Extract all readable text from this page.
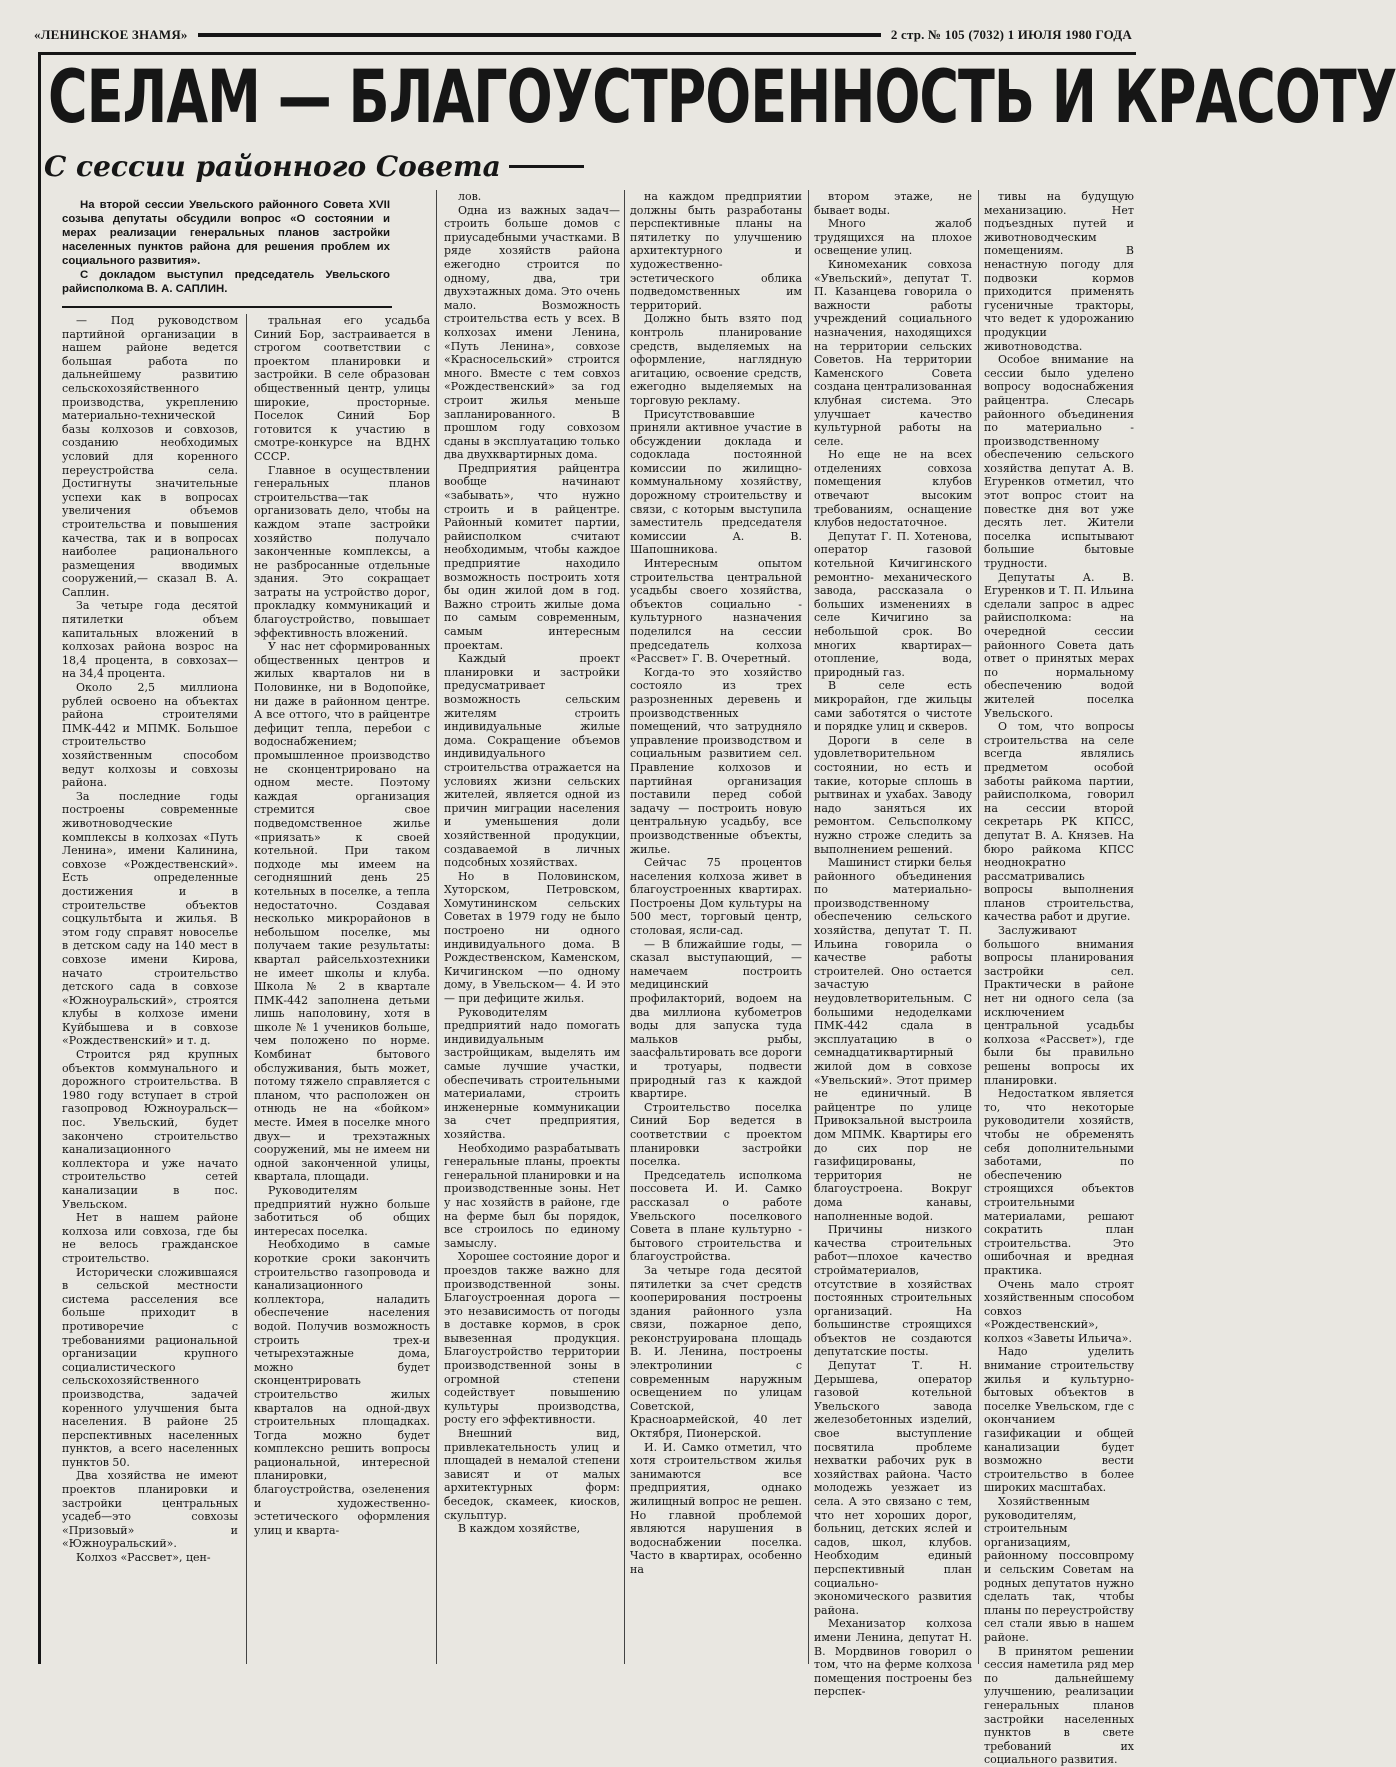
«ЛЕНИНСКОЕ ЗНАМЯ»	2 стр. № 105 (7032) 1 ИЮЛЯ 1980 ГОДА
СЕЛАМ — БЛАГОУСТРОЕННОСТЬ И КРАСОТУ
С сессии районного Совета

На второй сессии Увельского районного Совета XVII созыва депутаты обсудили вопрос «О состоянии и мерах реализации генеральных планов застройки населенных пунктов района для решения проблем их социального развития».

С докладом выступил председатель Увельского райисполкома В. А. САПЛИН.

— Под руководством партийной организации в нашем районе ведется большая работа по дальнейшему развитию сельскохозяйственного производства, укреплению материально-технической базы колхозов и совхозов, созданию необходимых условий для коренного переустройства села. Достигнуты значительные успехи как в вопросах увеличения объемов строительства и повышения качества, так и в вопросах наиболее рационального размещения вводимых сооружений,— сказал В. А. Саплин.

За четыре года десятой пятилетки объем капитальных вложений в колхозах района возрос на 18,4 процента, в совхозах— на 34,4 процента.

Около 2,5 миллиона рублей освоено на объектах района строителями ПМК-442 и МПМК. Большое строительство хозяйственным способом ведут колхозы и совхозы района.

За последние годы построены современные животноводческие комплексы в колхозах «Путь Ленина», имени Калинина, совхозе «Рождественский». Есть определенные достижения и в строительстве объектов соцкультбыта и жилья. В этом году справят новоселье в детском саду на 140 мест в совхозе имени Кирова, начато строительство детского сада в совхозе «Южноуральский», строятся клубы в колхозе имени Куйбышева и в совхозе «Рождественский» и т. д.

Строится ряд крупных объектов коммунального и дорожного строительства. В 1980 году вступает в строй газопровод Южноуральск— пос. Увельский, будет закончено строительство канализационного коллектора и уже начато строительство сетей канализации в пос. Увельском.

Нет в нашем районе колхоза или совхоза, где бы не велось гражданское строительство.

Исторически сложившаяся в сельской местности система расселения все больше приходит в противоречие с требованиями рациональной организации крупного социалистического сельскохозяйственного производства, задачей коренного улучшения быта населения. В районе 25 перспективных населенных пунктов, а всего населенных пунктов 50.

Два хозяйства не имеют проектов планировки и застройки центральных усадеб—это совхозы «Призовый» и «Южноуральский».

Колхоз «Рассвет», цен-

тральная его усадьба Синий Бор, застраивается в строгом соответствии с проектом планировки и застройки. В селе образован общественный центр, улицы широкие, просторные. Поселок Синий Бор готовится к участию в смотре-конкурсе на ВДНХ СССР.

Главное в осуществлении генеральных планов строительства—так организовать дело, чтобы на каждом этапе застройки хозяйство получало законченные комплексы, а не разбросанные отдельные здания. Это сокращает затраты на устройство дорог, прокладку коммуникаций и благоустройство, повышает эффективность вложений.

У нас нет сформированных общественных центров и жилых кварталов ни в Половинке, ни в Водопойке, ни даже в районном центре. А все оттого, что в райцентре дефицит тепла, перебои с водоснабжением; промышленное производство не сконцентрировано на одном месте. Поэтому каждая организация стремится свое подведомственное жилье «приязать» к своей котельной. При таком подходе мы имеем на сегодняшний день 25 котельных в поселке, а тепла недостаточно. Создавая несколько микрорайонов в небольшом поселке, мы получаем такие результаты: квартал райсельхозтехники не имеет школы и клуба. Школа № 2 в квартале ПМК-442 заполнена детьми лишь наполовину, хотя в школе № 1 учеников больше, чем положено по норме. Комбинат бытового обслуживания, быть может, потому тяжело справляется с планом, что расположен он отнюдь не на «бойком» месте. Имея в поселке много двух— и трехэтажных сооружений, мы не имеем ни одной законченной улицы, квартала, площади.

Руководителям предприятий нужно больше заботиться об общих интересах поселка.

Необходимо в самые короткие сроки закончить строительство газопровода и канализационного коллектора, наладить обеспечение населения водой. Получив возможность строить трех-и четырехэтажные дома, можно будет сконцентрировать строительство жилых кварталов на одной-двух строительных площадках. Тогда можно будет комплексно решить вопросы рациональной, интересной планировки, благоустройства, озеленения и художественно-эстетического оформления улиц и кварта-

лов.

Одна из важных задач— строить больше домов с приусадебными участками. В ряде хозяйств района ежегодно строится по одному, два, три двухэтажных дома. Это очень мало. Возможность строительства есть у всех. В колхозах имени Ленина, «Путь Ленина», совхозе «Красносельский» строится много. Вместе с тем совхоз «Рождественский» за год строит жилья меньше запланированного. В прошлом году совхозом сданы в эксплуатацию только два двухквартирных дома.

Предприятия райцентра вообще начинают «забывать», что нужно строить и в райцентре. Районный комитет партии, райисполком считают необходимым, чтобы каждое предприятие находило возможность построить хотя бы один жилой дом в год. Важно строить жилые дома по самым современным, самым интересным проектам.

Каждый проект планировки и застройки предусматривает возможность сельским жителям строить индивидуальные жилые дома. Сокращение объемов индивидуального строительства отражается на условиях жизни сельских жителей, является одной из причин миграции населения и уменьшения доли хозяйственной продукции, создаваемой в личных подсобных хозяйствах.

Но в Половинском, Хуторском, Петровском, Хомутининском сельских Советах в 1979 году не было построено ни одного индивидуального дома. В Рождественском, Каменском, Кичигинском —по одному дому, в Увельском— 4. И это— при дефиците жилья.

Руководителям предприятий надо помогать индивидуальным застройщикам, выделять им самые лучшие участки, обеспечивать строительными материалами, строить инженерные коммуникации за счет предприятия, хозяйства.

Необходимо разрабатывать генеральные планы, проекты генеральной планировки и на производственные зоны. Нет у нас хозяйств в районе, где на ферме был бы порядок, все строилось по единому замыслу.

Хорошее состояние дорог и проездов также важно для производственной зоны. Благоустроенная дорога —это независимость от погоды в доставке кормов, в срок вывезенная продукция. Благоустройство территории производственной зоны в огромной степени содействует повышению культуры производства, росту его эффективности.

Внешний вид, привлекательность улиц и площадей в немалой степени зависят и от малых архитектурных форм: беседок, скамеек, киосков, скульптур.

В каждом хозяйстве,

на каждом предприятии должны быть разработаны перспективные планы на пятилетку по улучшению архитектурного и художественно-эстетического облика подведомственных им территорий.

Должно быть взято под контроль планирование средств, выделяемых на оформление, наглядную агитацию, освоение средств, ежегодно выделяемых на торговую рекламу.

Присутствовавшие приняли активное участие в обсуждении доклада и содоклада постоянной комиссии по жилищно-коммунальному хозяйству, дорожному строительству и связи, с которым выступила заместитель председателя комиссии А. В. Шапошникова.

Интересным опытом строительства центральной усадьбы своего хозяйства, объектов социально - культурного назначения поделился на сессии председатель колхоза «Рассвет» Г. В. Очеретный.

Когда-то это хозяйство состояло из трех разрозненных деревень и производственных помещений, что затрудняло управление производством и социальным развитием сел. Правление колхозов и партийная организация поставили перед собой задачу — построить новую центральную усадьбу, все производственные объекты, жилье.

Сейчас 75 процентов населения колхоза живет в благоустроенных квартирах. Построены Дом культуры на 500 мест, торговый центр, столовая, ясли-сад.

— В ближайшие годы, —сказал выступающий, —намечаем построить медицинский профилакторий, водоем на два миллиона кубометров воды для запуска туда мальков рыбы, заасфальтировать все дороги и тротуары, подвести природный газ к каждой квартире.

Строительство поселка Синий Бор ведется в соответствии с проектом планировки застройки поселка.

Председатель исполкома поссовета И. И. Самко рассказал о работе Увельского поселкового Совета в плане культурно - бытового строительства и благоустройства.

За четыре года десятой пятилетки за счет средств кооперирования построены здания районного узла связи, пожарное депо, реконструирована площадь В. И. Ленина, построены электролинии с современным наружным освещением по улицам Советской, Красноармейской, 40 лет Октября, Пионерской.

И. И. Самко отметил, что хотя строительством жилья занимаются все предприятия, однако жилищный вопрос не решен. Но главной проблемой являются нарушения в водоснабжении поселка. Часто в квартирах, особенно на

втором этаже, не бывает воды.

Много жалоб трудящихся на плохое освещение улиц.

Киномеханик совхоза «Увельский», депутат Т. П. Казанцева говорила о важности работы учреждений социального назначения, находящихся на территории сельских Советов. На территории Каменского Совета создана централизованная клубная система. Это улучшает качество культурной работы на селе.

Но еще не на всех отделениях совхоза помещения клубов отвечают высоким требованиям, оснащение клубов недостаточное.

Депутат Г. П. Хотенова, оператор газовой котельной Кичигинского ремонтно- механического завода, рассказала о больших изменениях в селе Кичигино за небольшой срок. Во многих квартирах— отопление, вода, природный газ.

В селе есть микрорайон, где жильцы сами заботятся о чистоте и порядке улиц и скверов.

Дороги в селе в удовлетворительном состоянии, но есть и такие, которые сплошь в рытвинах и ухабах. Заводу надо заняться их ремонтом. Сельсполкому нужно строже следить за выполнением решений.

Машинист стирки белья районного объединения по материально-производственному обеспечению сельского хозяйства, депутат Т. П. Ильина говорила о качестве работы строителей. Оно остается зачастую неудовлетворительным. С большими недоделками ПМК-442 сдала в эксплуатацию в о семнадцатиквартирный жилой дом в совхозе «Увельский». Этот пример не единичный. В райцентре по улице Привокзальной выстроила дом МПМК. Квартиры его до сих пор не газифицированы, территория не благоустроена. Вокруг дома канавы, наполненные водой.

Причины низкого качества строительных работ—плохое качество стройматериалов, отсутствие в хозяйствах постоянных строительных организаций. На большинстве строящихся объектов не создаются депутатские посты.

Депутат Т. Н. Дерышева, оператор газовой котельной Увельского завода железобетонных изделий, свое выступление посвятила проблеме нехватки рабочих рук в хозяйствах района. Часто молодежь уезжает из села. А это связано с тем, что нет хороших дорог, больниц, детских яслей и садов, школ, клубов. Необходим единый перспективный план социально-экономического развития района.

Механизатор колхоза имени Ленина, депутат Н. В. Мордвинов говорил о том, что на ферме колхоза помещения построены без перспек-

тивы на будущую механизацию. Нет подъездных путей и животноводческим помещениям. В ненастную погоду для подвозки кормов приходится применять гусеничные тракторы, что ведет к удорожанию продукции животноводства.

Особое внимание на сессии было уделено вопросу водоснабжения райцентра. Слесарь районного объединения по материально - производственному обеспечению сельского хозяйства депутат А. В. Егуренков отметил, что этот вопрос стоит на повестке дня вот уже десять лет. Жители поселка испытывают большие бытовые трудности.

Депутаты А. В. Егуренков и Т. П. Ильина сделали запрос в адрес райисполкома: на очередной сессии районного Совета дать ответ о принятых мерах по нормальному обеспечению водой жителей поселка Увельского.

О том, что вопросы строительства на селе всегда являлись предметом особой заботы райкома партии, райисполкома, говорил на сессии второй секретарь РК КПСС, депутат В. А. Князев. На бюро райкома КПСС неоднократно рассматривались вопросы выполнения планов строительства, качества работ и другие.

Заслуживают большого внимания вопросы планирования застройки сел. Практически в районе нет ни одного села (за исключением центральной усадьбы колхоза «Рассвет»), где были бы правильно решены вопросы их планировки.

Недостатком является то, что некоторые руководители хозяйств, чтобы не обременять себя дополнительными заботами, по обеспечению строящихся объектов строительными материалами, решают сократить план строительства. Это ошибочная и вредная практика.

Очень мало строят хозяйственным способом совхоз «Рождественский», колхоз «Заветы Ильича».

Надо уделить внимание строительству жилья и культурно-бытовых объектов в поселке Увельском, где с окончанием газификации и общей канализации будет возможно вести строительство в более широких масштабах.

Хозяйственным руководителям, строительным организациям, районному поссовпрому и сельским Советам на родных депутатов нужно сделать так, чтобы планы по переустройству сел стали явью в нашем районе.

В принятом решении сессия наметила ряд мер по дальнейшему улучшению, реализации генеральных планов застройки населенных пунктов в свете требований их социального развития.
